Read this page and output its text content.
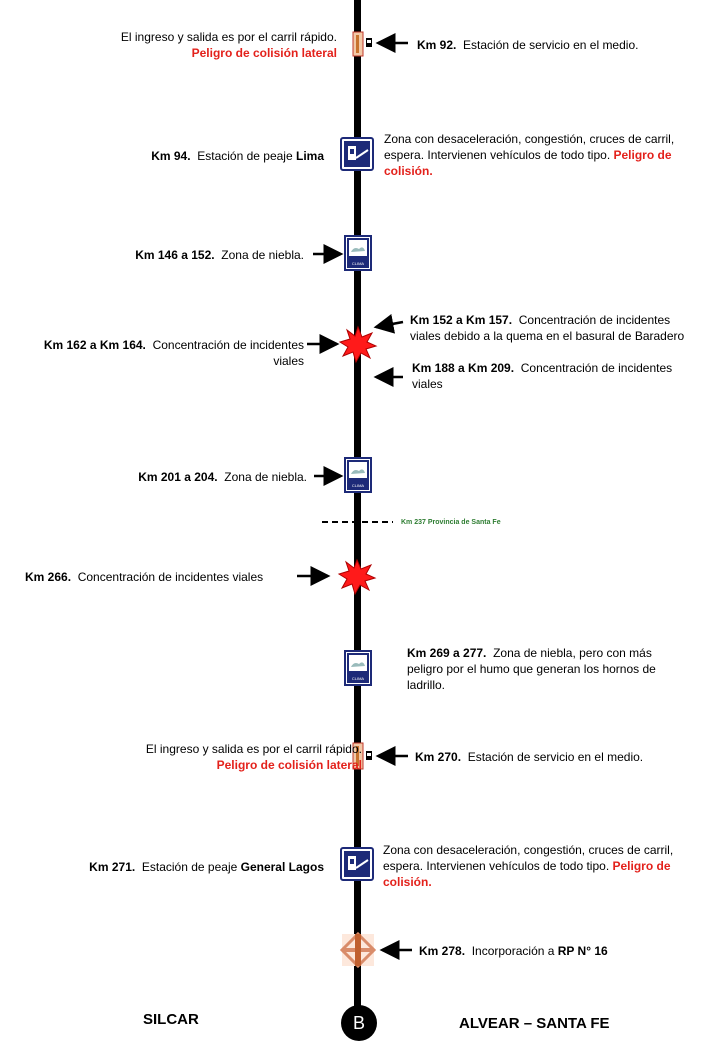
CLIMA
CLIMA
CLIMA
El ingreso y salida es por el carril rápido.
Peligro de colisión lateral
Km 92. Estación de servicio en el medio.
Km 94. Estación de peaje Lima
Zona con desaceleración, congestión, cruces de carril, espera. Intervienen vehículos de todo tipo. Peligro de colisión.
Km 146 a 152. Zona de niebla.
Km 152 a Km 157. Concentración de incidentes
viales debido a la quema en el basural de Baradero
Km 162 a Km 164. Concentración de incidentes
viales	Km 188 a Km 209. Concentración de incidentes
viales
Km 201 a 204. Zona de niebla.
Km 237 Provincia de Santa Fe
Km 266. Concentración de incidentes viales
Km 269 a 277. Zona de niebla, pero con más
peligro por el humo que generan los hornos de
ladrillo.
El ingreso y salida es por el carril rápido.
Peligro de colisión lateral
Km 270. Estación de servicio en el medio.
Km 271. Estación de peaje General Lagos
Zona con desaceleración, congestión, cruces de carril, espera. Intervienen vehículos de todo tipo. Peligro de colisión.
Km 278. Incorporación a RP N° 16
SILCAR	ALVEAR – SANTA FE
B
